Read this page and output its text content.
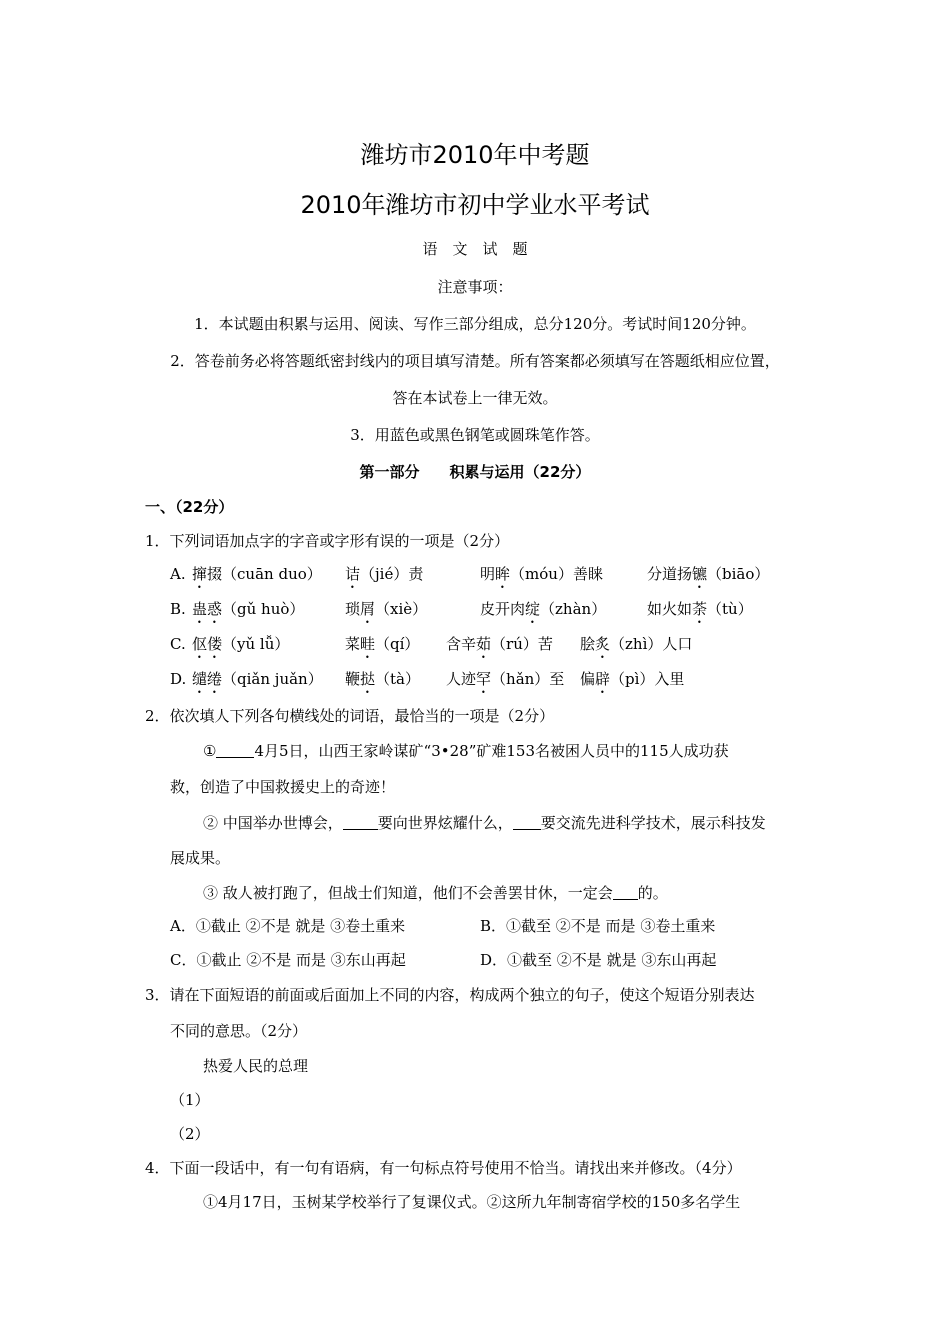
潍坊市2010年中考题
2010年潍坊市初中学业水平考试
语　文　试　题
注意事项：
1．本试题由积累与运用、阅读、写作三部分组成，总分120分。考试时间120分钟。
2．答卷前务必将答题纸密封线内的项目填写清楚。所有答案都必须填写在答题纸相应位置，
答在本试卷上一律无效。
3．用蓝色或黑色钢笔或圆珠笔作答。
第一部分　　积累与运用（22分）
一、（22分）
1．下列词语加点字的字音或字形有误的一项是（2分）
A. 撺掇（cuān duo） 诘（jié）责	明眸（móu）善睐	分道扬镳（biāo）
B. 蛊惑（gǔ huò）	琐屑（xiè）	皮开肉绽（zhàn）	如火如荼（tù）
C. 伛偻（yǔ lǚ）	菜畦（qí） 含辛茹（rú）苦 脍炙（zhì）人口
D. 缱绻（qiǎn juǎn） 鞭挞（tà） 人迹罕（hǎn）至 偏辟（pì）入里
2．依次填人下列各句横线处的词语，最恰当的一项是（2分）
①	4月5日，山西王家岭谋矿“3•28”矿难153名被困人员中的115人成功获
救，创造了中国救援史上的奇迹！
② 中国举办世博会， 要向世界炫耀什么， 要交流先进科学技术，展示科技发
展成果。
③ 敌人被打跑了，但战士们知道，他们不会善罢甘休，一定会 的。
A．①截止 ②不是 就是 ③卷土重来	B．①截至 ②不是 而是 ③卷土重来
C．①截止 ②不是 而是 ③东山再起	D．①截至 ②不是 就是 ③东山再起
3．请在下面短语的前面或后面加上不同的内容，构成两个独立的句子，使这个短语分别表达
不同的意思。（2分）
热爱人民的总理
（1）
（2）
4．下面一段话中，有一句有语病，有一句标点符号使用不恰当。请找出来并修改。（4分）
①4月17日，玉树某学校举行了复课仪式。②这所九年制寄宿学校的150多名学生
